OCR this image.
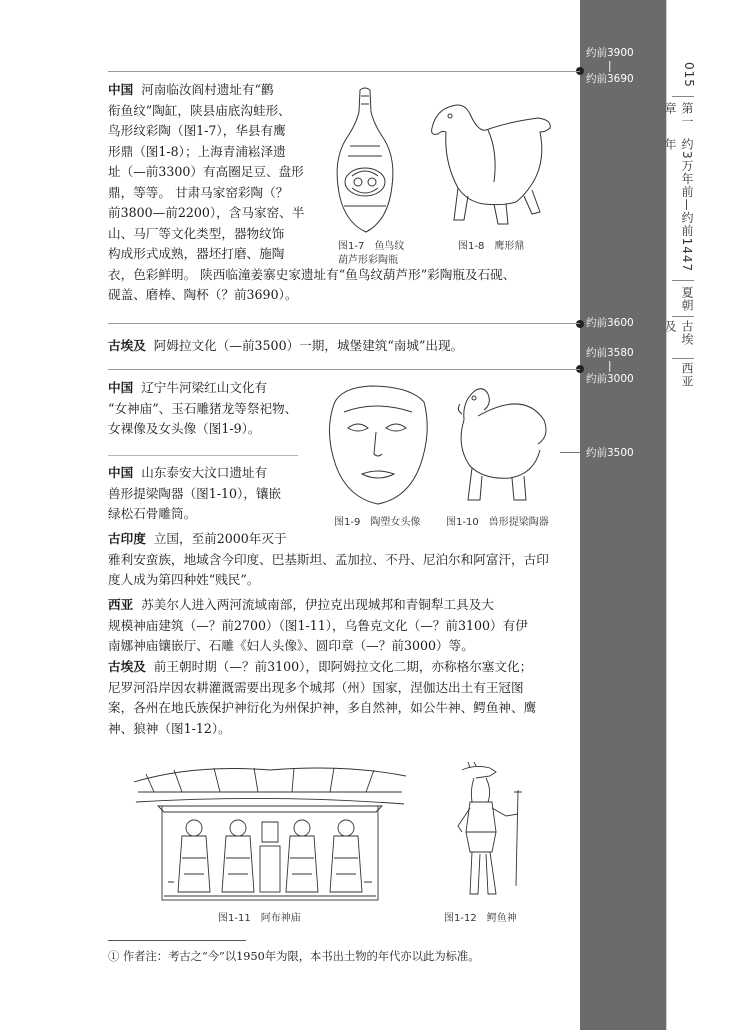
015
第一章
约3万年前—约前1447年
夏朝
古埃及
西亚
约前3900
|
约前3690
约前3600
约前3580
|
约前3000
约前3500
中国 河南临汝阎村遗址有“鹳
衔鱼纹”陶缸，陕县庙底沟蛙形、
鸟形纹彩陶（图1-7），华县有鹰
形鼎（图1-8）；上海青浦崧泽遗
址（—前3300）有高圈足豆、盘形
鼎，等等。 甘肃马家窑彩陶（？
前3800—前2200），含马家窑、半
山、马厂等文化类型，器物纹饰
构成形式成熟，器坯打磨、施陶
衣，色彩鲜明。 陕西临潼姜寨史家遗址有“鱼鸟纹葫芦形”彩陶瓶及石砚、
砚盖、磨棒、陶杯（？前3690）。
图1-7　鱼鸟纹
葫芦形彩陶瓶
图1-8　鹰形鼎
古埃及 阿姆拉文化（—前3500）一期，城堡建筑“南城”出现。
中国 辽宁牛河梁红山文化有
“女神庙”、玉石雕猪龙等祭祀物、
女裸像及女头像（图1-9）。
中国 山东泰安大汶口遗址有
兽形提梁陶器（图1-10），镶嵌
绿松石骨雕筒。
图1-9　陶塑女头像	图1-10　兽形提梁陶器
古印度 立国，至前2000年灭于
雅利安蛮族，地域含今印度、巴基斯坦、孟加拉、不丹、尼泊尔和阿富汗，古印
度人成为第四种姓“贱民”。
西亚 苏美尔人进入两河流域南部，伊拉克出现城邦和青铜犁工具及大
规模神庙建筑（—？前2700）（图1-11），乌鲁克文化（—？前3100）有伊
南娜神庙镶嵌厅、石雕《妇人头像》、圆印章（—？前3000）等。
古埃及 前王朝时期（—？前3100），即阿姆拉文化二期，亦称格尔塞文化；
尼罗河沿岸因农耕灌溉需要出现多个城邦（州）国家，涅伽达出土有王冠图
案，各州在地氏族保护神衍化为州保护神，多自然神，如公牛神、鳄鱼神、鹰
神、狼神（图1-12）。
图1-11　阿布神庙	图1-12　鳄鱼神
① 作者注：考古之“今”以1950年为限，本书出土物的年代亦以此为标准。
